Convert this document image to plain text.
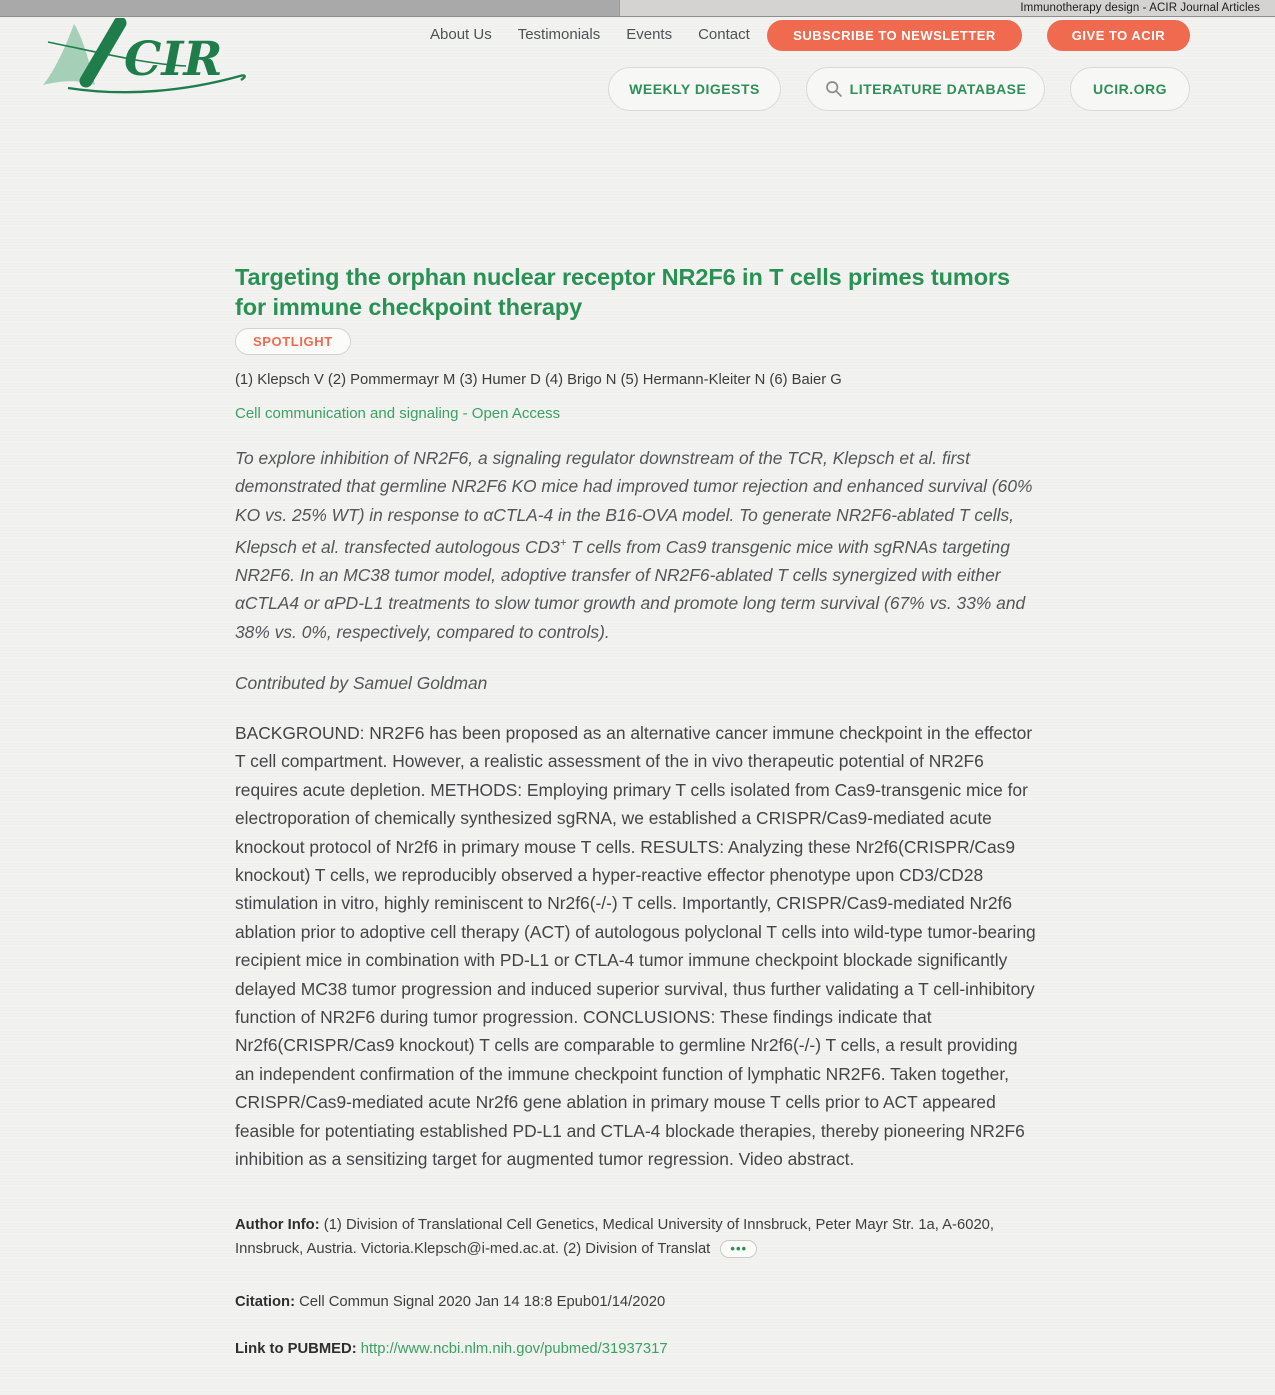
Immunotherapy design - ACIR Journal Articles
CIR	About Us Testimonials Events Contact	SUBSCRIBE TO NEWSLETTER	GIVE TO ACIR
WEEKLY DIGESTS	LITERATURE DATABASE	UCIR.ORG
Targeting the orphan nuclear receptor NR2F6 in T cells primes tumors for immune checkpoint therapy
SPOTLIGHT

(1) Klepsch V (2) Pommermayr M (3) Humer D (4) Brigo N (5) Hermann-Kleiter N (6) Baier G

Cell communication and signaling - Open Access

To explore inhibition of NR2F6, a signaling regulator downstream of the TCR, Klepsch et al. first demonstrated that germline NR2F6 KO mice had improved tumor rejection and enhanced survival (60% KO vs. 25% WT) in response to αCTLA-4 in the B16-OVA model. To generate NR2F6-ablated T cells, Klepsch et al. transfected autologous CD3+ T cells from Cas9 transgenic mice with sgRNAs targeting NR2F6. In an MC38 tumor model, adoptive transfer of NR2F6-ablated T cells synergized with either αCTLA4 or αPD-L1 treatments to slow tumor growth and promote long term survival (67% vs. 33% and 38% vs. 0%, respectively, compared to controls).

Contributed by Samuel Goldman

BACKGROUND: NR2F6 has been proposed as an alternative cancer immune checkpoint in the effector T cell compartment. However, a realistic assessment of the in vivo therapeutic potential of NR2F6 requires acute depletion. METHODS: Employing primary T cells isolated from Cas9-transgenic mice for electroporation of chemically synthesized sgRNA, we established a CRISPR/Cas9-mediated acute knockout protocol of Nr2f6 in primary mouse T cells. RESULTS: Analyzing these Nr2f6(CRISPR/Cas9 knockout) T cells, we reproducibly observed a hyper-reactive effector phenotype upon CD3/CD28 stimulation in vitro, highly reminiscent to Nr2f6(-/-) T cells. Importantly, CRISPR/Cas9-mediated Nr2f6 ablation prior to adoptive cell therapy (ACT) of autologous polyclonal T cells into wild-type tumor-bearing recipient mice in combination with PD-L1 or CTLA-4 tumor immune checkpoint blockade significantly delayed MC38 tumor progression and induced superior survival, thus further validating a T cell-inhibitory function of NR2F6 during tumor progression. CONCLUSIONS: These findings indicate that Nr2f6(CRISPR/Cas9 knockout) T cells are comparable to germline Nr2f6(-/-) T cells, a result providing an independent confirmation of the immune checkpoint function of lymphatic NR2F6. Taken together, CRISPR/Cas9-mediated acute Nr2f6 gene ablation in primary mouse T cells prior to ACT appeared feasible for potentiating established PD-L1 and CTLA-4 blockade therapies, thereby pioneering NR2F6 inhibition as a sensitizing target for augmented tumor regression. Video abstract.

Author Info: (1) Division of Translational Cell Genetics, Medical University of Innsbruck, Peter Mayr Str. 1a, A-6020, Innsbruck, Austria. Victoria.Klepsch@i-med.ac.at. (2) Division of Translat •••

Citation: Cell Commun Signal 2020 Jan 14 18:8 Epub01/14/2020

Link to PUBMED: http://www.ncbi.nlm.nih.gov/pubmed/31937317
